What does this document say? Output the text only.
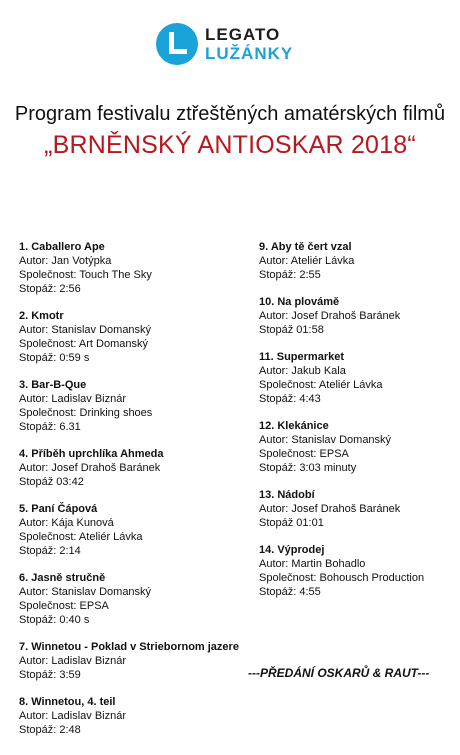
LEGATO
LUŽÁNKY
Program festivalu ztřeštěných amatérských filmů
„BRNĚNSKÝ ANTIOSKAR 2018“
1. Caballero Ape
Autor: Jan Votýpka
Společnost: Touch The Sky
Stopáž: 2:56
2. Kmotr
Autor: Stanislav Domanský
Společnost: Art Domanský
Stopáž: 0:59 s
3. Bar-B-Que
Autor: Ladislav Biznár
Společnost: Drinking shoes
Stopáž: 6.31
4. Příběh uprchlíka Ahmeda
Autor: Josef Drahoš Baránek
Stopáž 03:42
5. Paní Čápová
Autor: Kája Kunová
Společnost: Ateliér Lávka
Stopáž: 2:14
6. Jasně stručně
Autor: Stanislav Domanský
Společnost: EPSA
Stopáž: 0:40 s
7. Winnetou - Poklad v Striebornom jazere
Autor: Ladislav Biznár
Stopáž: 3:59
8. Winnetou, 4. teil
Autor: Ladislav Biznár
Stopáž: 2:48
9. Aby tě čert vzal
Autor: Ateliér Lávka
Stopáž: 2:55
10. Na plovámě
Autor: Josef Drahoš Baránek
Stopáž 01:58
11. Supermarket
Autor: Jakub Kala
Společnost: Ateliér Lávka
Stopáž: 4:43
12. Klekánice
Autor: Stanislav Domanský
Společnost: EPSA
Stopáž: 3:03 minuty
13. Nádobí
Autor: Josef Drahoš Baránek
Stopáž 01:01
14. Výprodej
Autor: Martin Bohadlo
Společnost: Bohousch Production
Stopáž: 4:55
---PŘEDÁNÍ OSKARŮ & RAUT---
